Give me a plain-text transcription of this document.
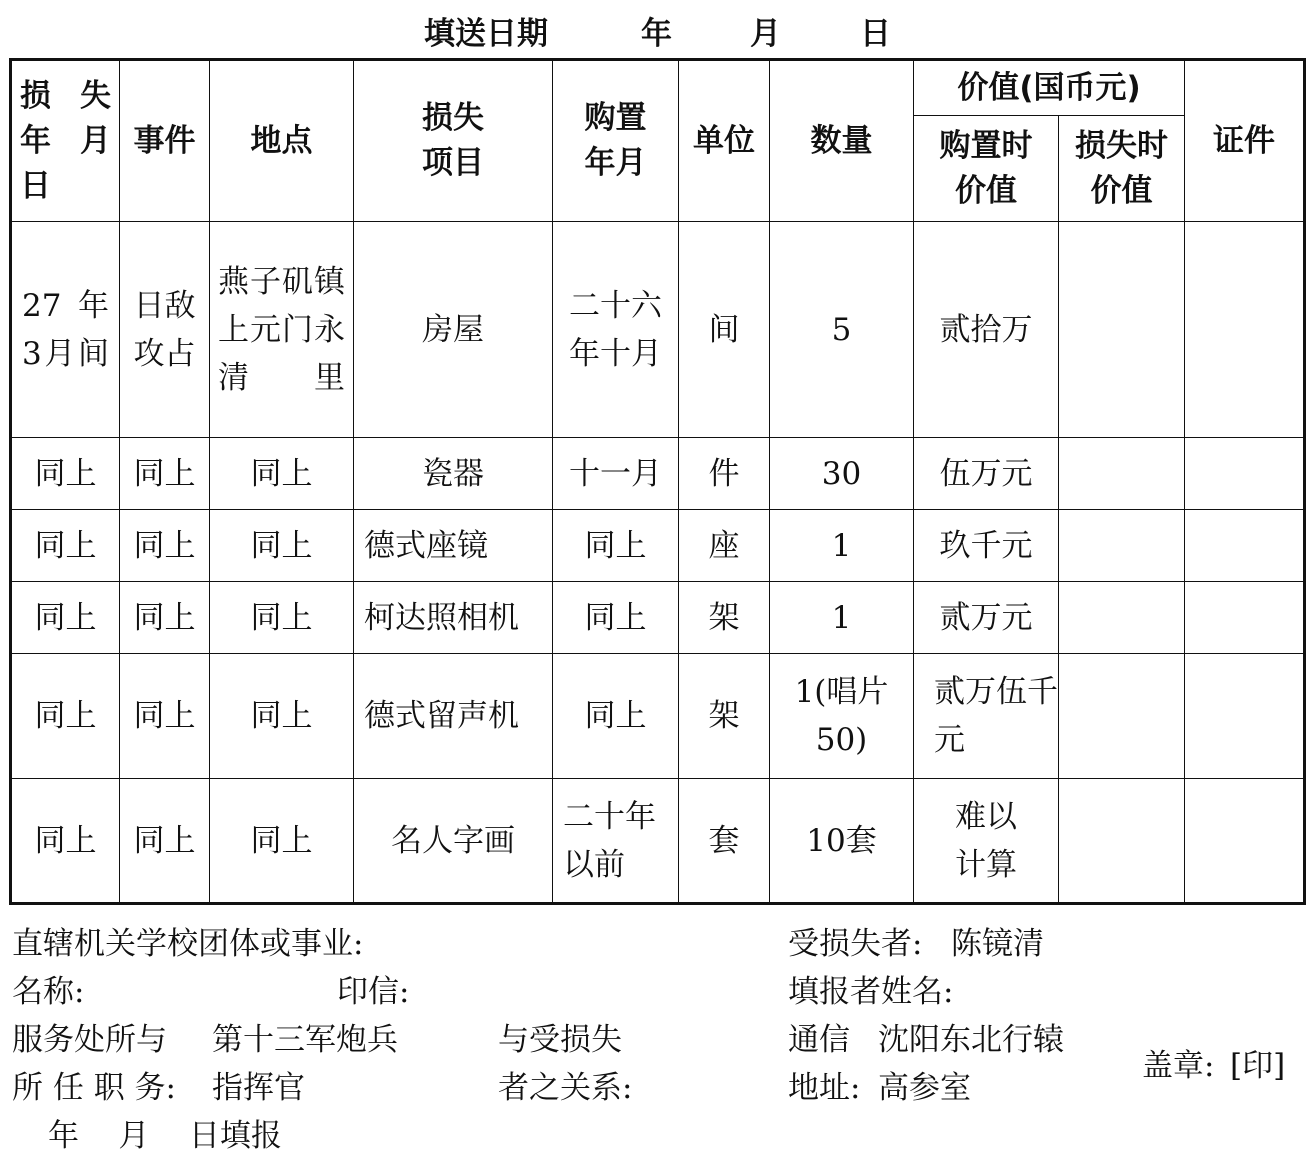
填送日期	年	月	日
损失年月日	事件	地点	损失项目	购置年月	单位	数量	价值(国币元)		证件
							购置时价值	损失时价值	
27年3月间	日敌攻占	燕子矶镇上元门永清里	房屋	二十六年十月	间	5	贰拾万		
同上	同上	同上	瓷器	十一月	件	30	伍万元		
同上	同上	同上	德式座镜	同上	座	1	玖千元		
同上	同上	同上	柯达照相机	同上	架	1	贰万元		
同上	同上	同上	德式留声机	同上	架	1(唱片50)	贰万伍千元		
同上	同上	同上	名人字画	二十年以前	套	10套	难以计算		
直辖机关学校团体或事业:
名称:	印信:
服务处所与 第十三军炮兵
所 任 职 务: 指挥官
年    月    日填报
与受损失
者之关系:
受损失者: 陈镜清
填报者姓名:
通信 沈阳东北行辕
地址: 高参室
盖章: [印]
